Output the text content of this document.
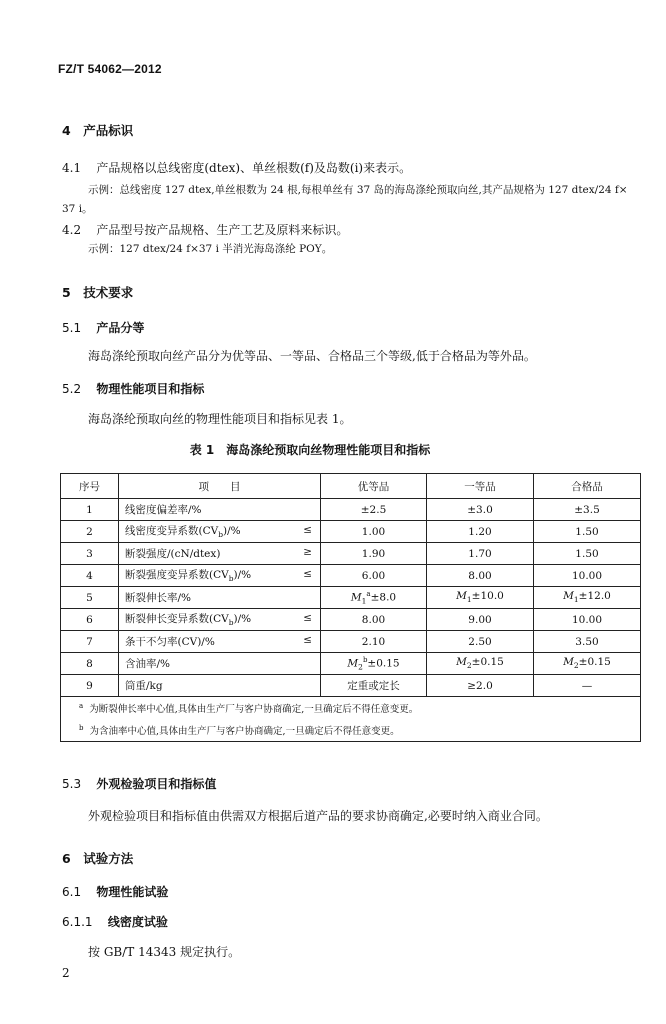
FZ/T 54062—2012
4 产品标识
4.1 产品规格以总线密度(dtex)、单丝根数(f)及岛数(i)来表示。
示例：总线密度 127 dtex,单丝根数为 24 根,每根单丝有 37 岛的海岛涤纶预取向丝,其产品规格为 127 dtex/24 f×
37 i。
4.2 产品型号按产品规格、生产工艺及原料来标识。
示例：127 dtex/24 f×37 i 半消光海岛涤纶 POY。
5 技术要求
5.1 产品分等
海岛涤纶预取向丝产品分为优等品、一等品、合格品三个等级,低于合格品为等外品。
5.2 物理性能项目和指标
海岛涤纶预取向丝的物理性能项目和指标见表 1。
表 1 海岛涤纶预取向丝物理性能项目和指标
序号	项  目	优等品	一等品	合格品
1	线密度偏差率/%	±2.5	±3.0	±3.5
2	线密度变异系数$(CV_b)/\%$ ≤	1.00	1.20	1.50
3	断裂强度/(cN/dtex) ≥	1.90	1.70	1.50
4	断裂强度变异系数$(CV_b)/\%$ ≤	6.00	8.00	10.00
5	断裂伸长率/%	$M_1^a\pm 8.0$	$M_1\pm 10.0$	$M_1\pm 12.0$
6	断裂伸长变异系数$(CV_b)/\%$ ≤	8.00	9.00	10.00
7	条干不匀率(CV)/% ≤	2.10	2.50	3.50
8	含油率/%	$M_2^b\pm 0.15$	$M_2\pm 0.15$	$M_2\pm 0.15$
9	筒重/kg	定重或定长	≥2.0	—

$^a$ 为断裂伸长率中心值,具体由生产厂与客户协商确定,一旦确定后不得任意变更。
$^b$ 为含油率中心值,具体由生产厂与客户协商确定,一旦确定后不得任意变更。				
5.3 外观检验项目和指标值
外观检验项目和指标值由供需双方根据后道产品的要求协商确定,必要时纳入商业合同。
6 试验方法
6.1 物理性能试验
6.1.1 线密度试验
按 GB/T 14343 规定执行。
2
